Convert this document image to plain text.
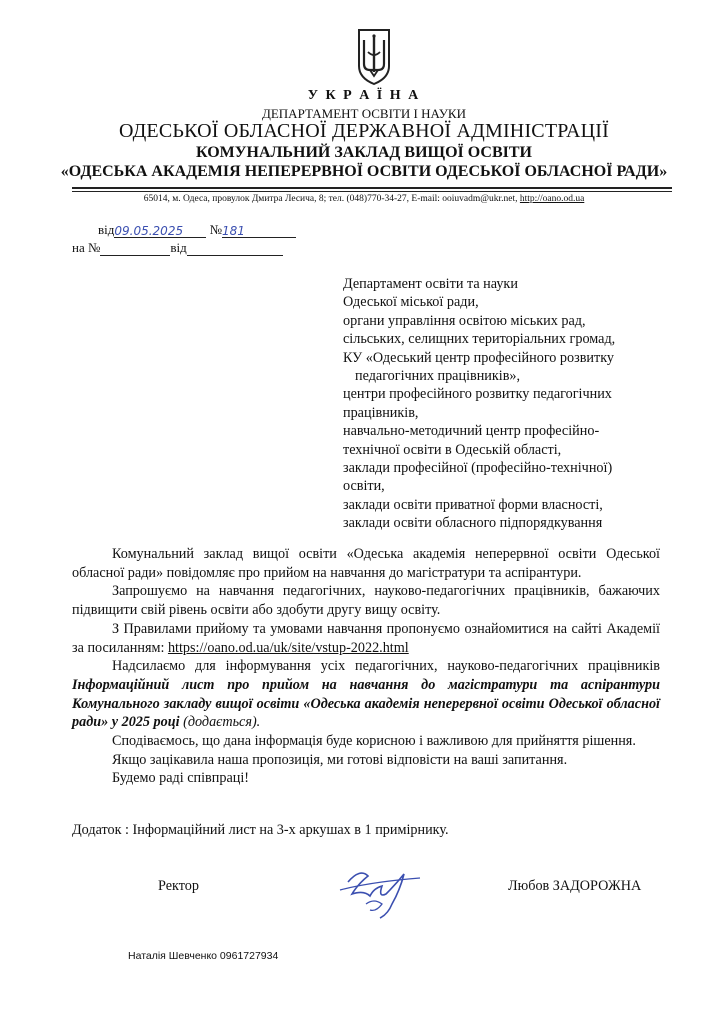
У К Р А Ї Н А
ДЕПАРТАМЕНТ ОСВІТИ І НАУКИ
ОДЕСЬКОЇ ОБЛАСНОЇ ДЕРЖАВНОЇ АДМІНІСТРАЦІЇ
КОМУНАЛЬНИЙ ЗАКЛАД ВИЩОЇ ОСВІТИ
«ОДЕСЬКА АКАДЕМІЯ НЕПЕРЕРВНОЇ ОСВІТИ ОДЕСЬКОЇ ОБЛАСНОЇ РАДИ»
65014, м. Одеса, провулок Дмитра Лесича, 8; тел. (048)770-34-27, E-mail: ooiuvadm@ukr.net, http://oano.od.ua
від09.05.2025 №181
на №	від
Департамент освіти та науки
Одеської міської ради,
органи управління освітою міських рад,
сільських, селищних територіальних громад,
КУ «Одеський центр професійного розвитку
педагогічних працівників»,
центри професійного розвитку педагогічних
працівників,
навчально-методичний центр професійно-
технічної освіти в Одеській області,
заклади професійної (професійно-технічної)
освіти,
заклади освіти приватної форми власності,
заклади освіти обласного підпорядкування

Комунальний заклад вищої освіти «Одеська академія неперервної освіти Одеської обласної ради» повідомляє про прийом на навчання до магістратури та аспірантури.

Запрошуємо на навчання педагогічних, науково-педагогічних працівників, бажаючих підвищити свій рівень освіти або здобути другу вищу освіту.

З Правилами прийому та умовами навчання пропонуємо ознайомитися на сайті Академії за посиланням: https://oano.od.ua/uk/site/vstup-2022.html

Надсилаємо для інформування усіх педагогічних, науково-педагогічних працівників Інформаційний лист про прийом на навчання до магістратури та аспірантури Комунального закладу вищої освіти «Одеська академія неперервної освіти Одеської обласної ради» у 2025 році (додається).

Сподіваємось, що дана інформація буде корисною і важливою для прийняття рішення.

Якщо зацікавила наша пропозиція, ми готові відповісти на ваші запитання.

Будемо раді співпраці!

Додаток : Інформаційний лист на 3-х аркушах в 1 примірнику.
Ректор	Любов ЗАДОРОЖНА
Наталія Шевченко 0961727934
